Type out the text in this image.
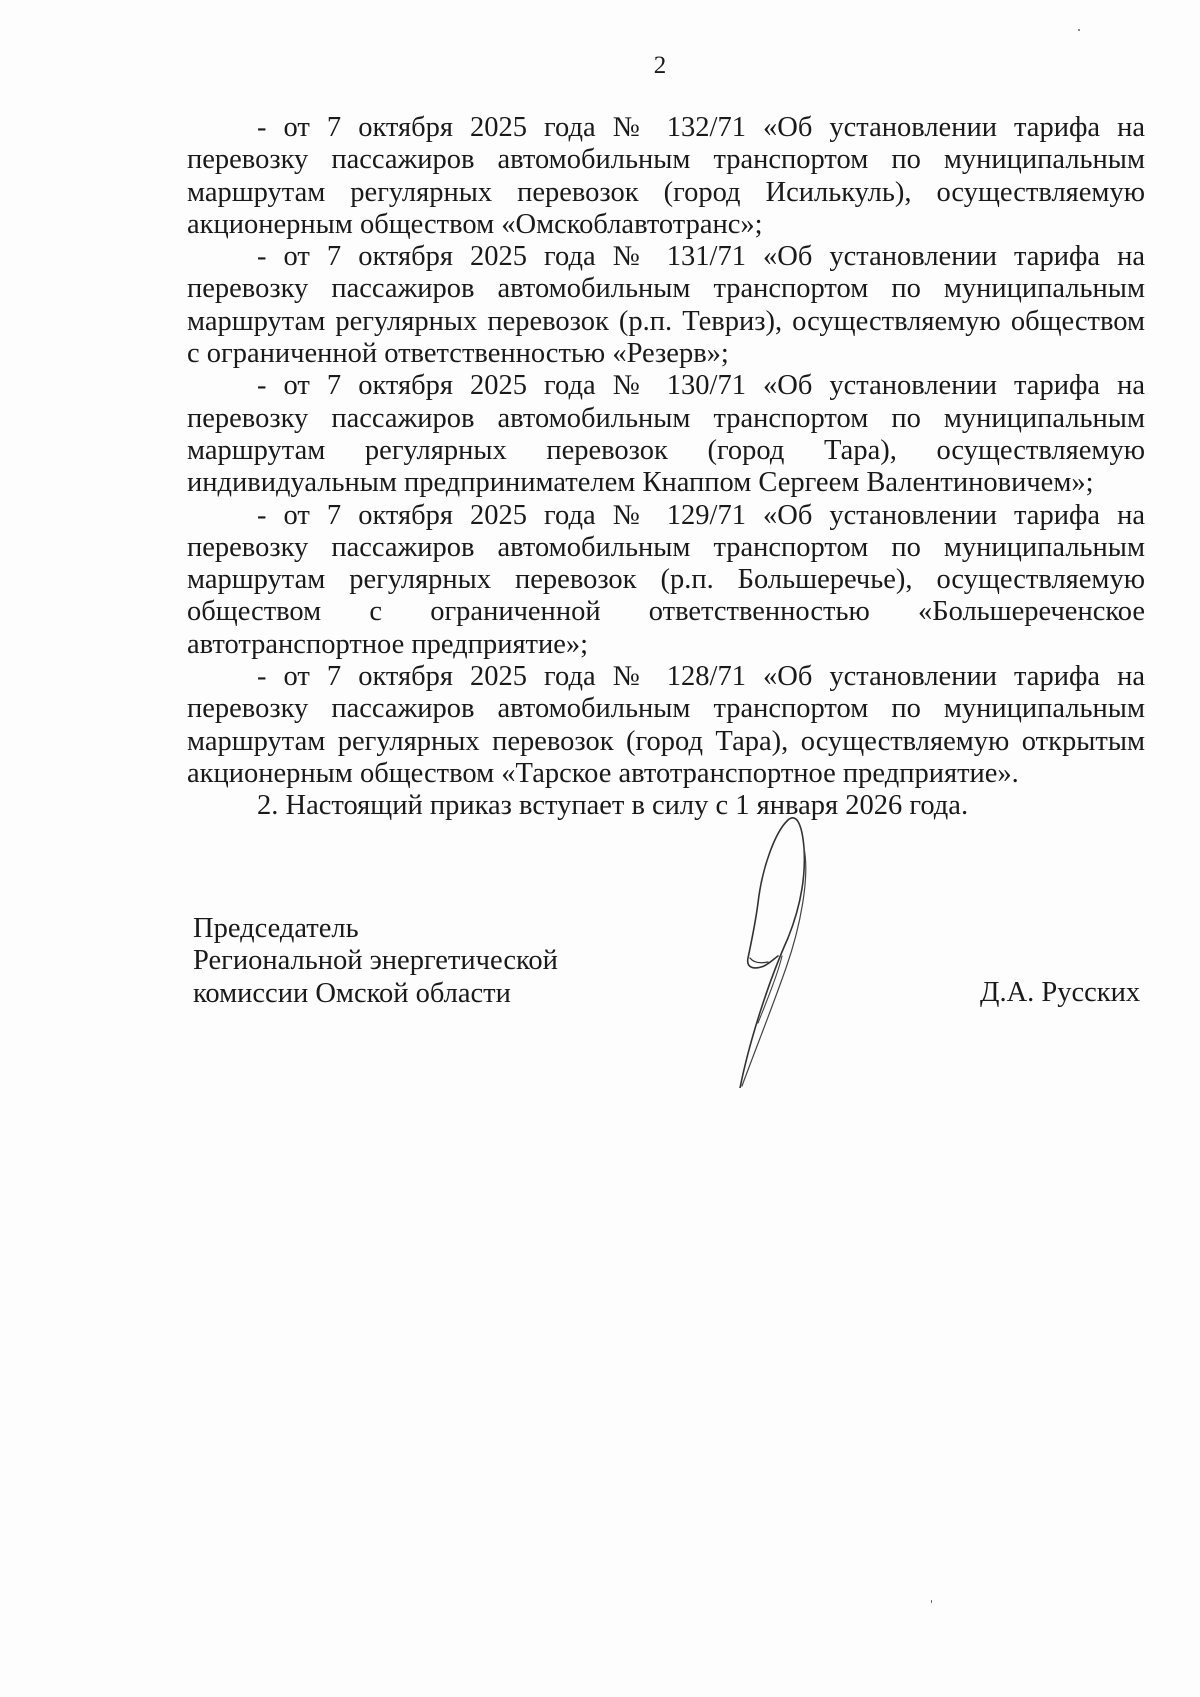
2

- от 7 октября 2025 года № 132/71 «Об установлении тарифа на перевозку пассажиров автомобильным транспортом по муниципальным маршрутам регулярных перевозок (город Исилькуль), осуществляемую акционерным обществом «Омскоблавтотранс»;

- от 7 октября 2025 года № 131/71 «Об установлении тарифа на перевозку пассажиров автомобильным транспортом по муниципальным маршрутам регулярных перевозок (р.п. Тевриз), осуществляемую обществом с ограниченной ответственностью «Резерв»;

- от 7 октября 2025 года № 130/71 «Об установлении тарифа на перевозку пассажиров автомобильным транспортом по муниципальным маршрутам регулярных перевозок (город Тара), осуществляемую индивидуальным предпринимателем Кнаппом Сергеем Валентиновичем»;

- от 7 октября 2025 года № 129/71 «Об установлении тарифа на перевозку пассажиров автомобильным транспортом по муниципальным маршрутам регулярных перевозок (р.п. Большеречье), осуществляемую обществом с ограниченной ответственностью «Большереченское автотранспортное предприятие»;

- от 7 октября 2025 года № 128/71 «Об установлении тарифа на перевозку пассажиров автомобильным транспортом по муниципальным маршрутам регулярных перевозок (город Тара), осуществляемую открытым акционерным обществом «Тарское автотранспортное предприятие».

2. Настоящий приказ вступает в силу с 1 января 2026 года.

Председатель
Региональной энергетической
комиссии Омской области	Д.А. Русских
